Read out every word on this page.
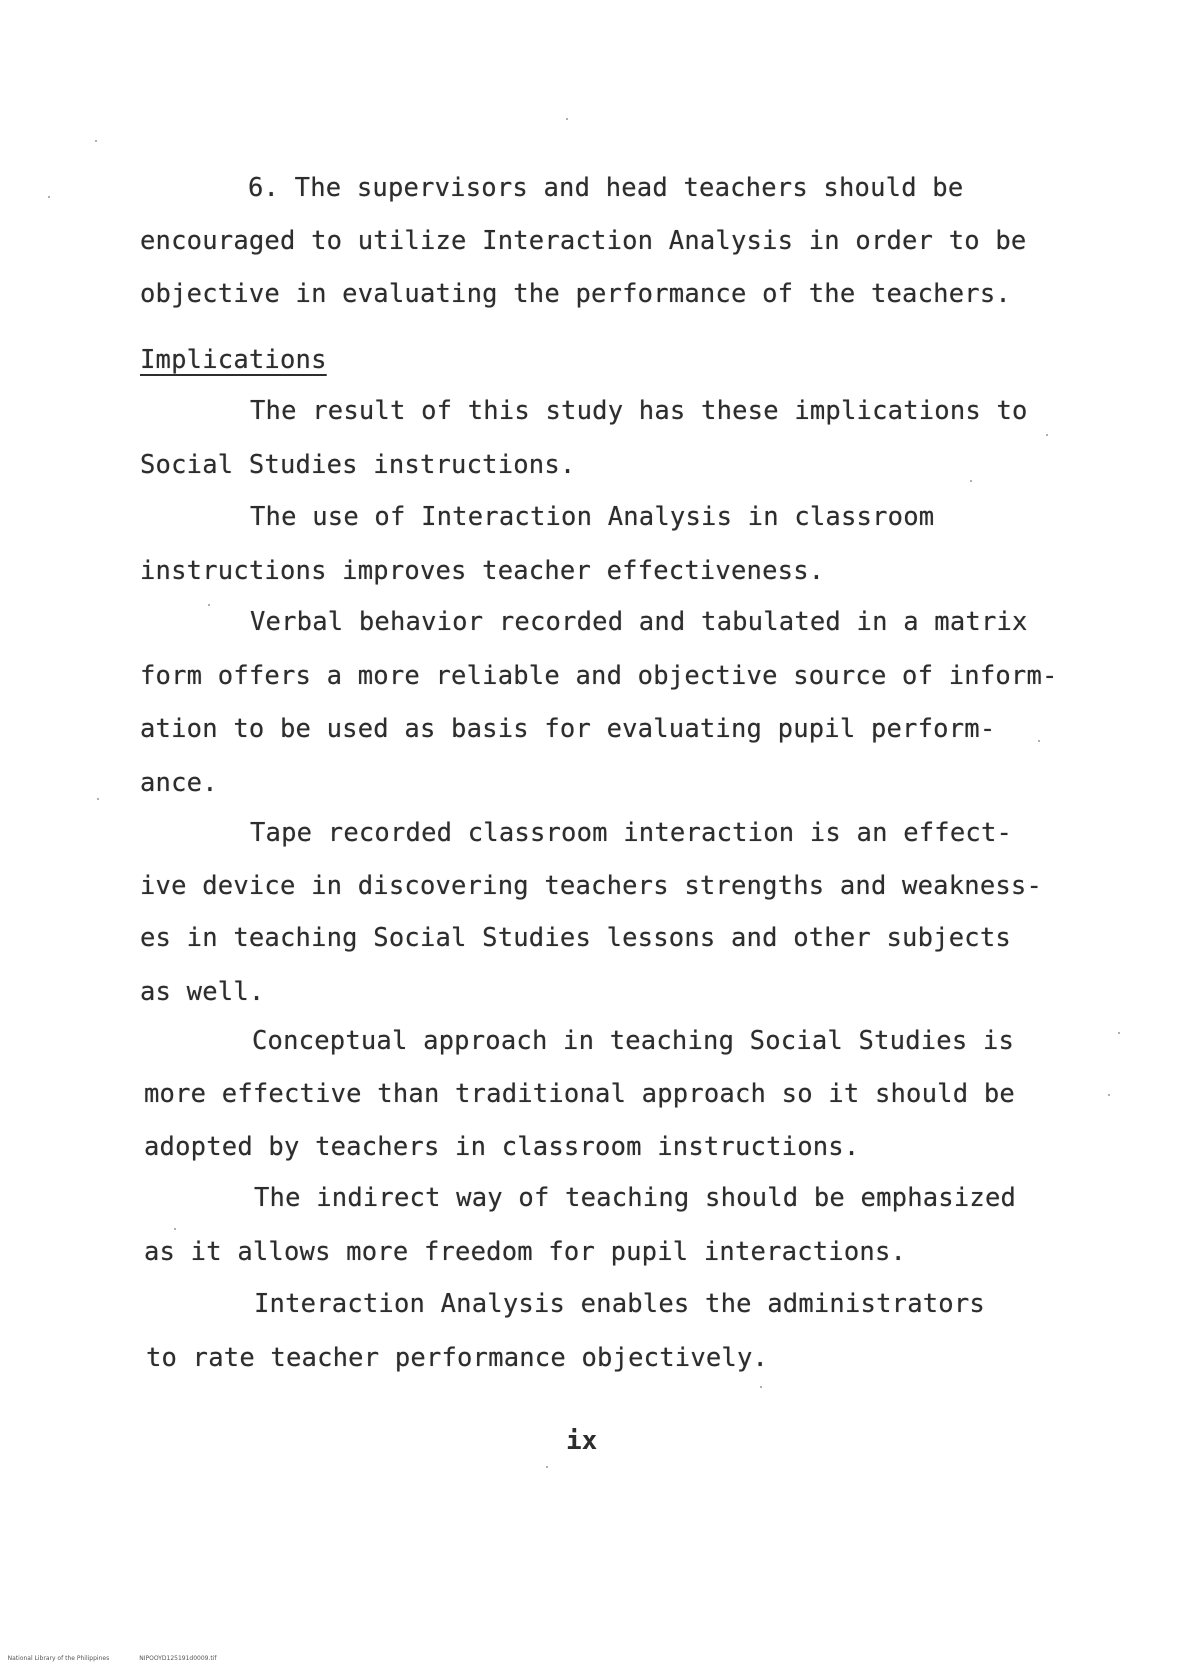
6. The supervisors and head teachers should be
encouraged to utilize Interaction Analysis in order to be
objective in evaluating the performance of the teachers.
Implications
The result of this study has these implications to
Social Studies instructions.
The use of Interaction Analysis in classroom
instructions improves teacher effectiveness.
Verbal behavior recorded and tabulated in a matrix
form offers a more reliable and objective source of inform-
ation to be used as basis for evaluating pupil perform-
ance.
Tape recorded classroom interaction is an effect-
ive device in discovering teachers strengths and weakness-
es in teaching Social Studies lessons and other subjects
as well.
Conceptual approach in teaching Social Studies is
more effective than traditional approach so it should be
adopted by teachers in classroom instructions.
The indirect way of teaching should be emphasized
as it allows more freedom for pupil interactions.
Interaction Analysis enables the administrators
to rate teacher performance objectively.
ix

National Library of the Philippines	NIPOOYD125191d0009.tif
